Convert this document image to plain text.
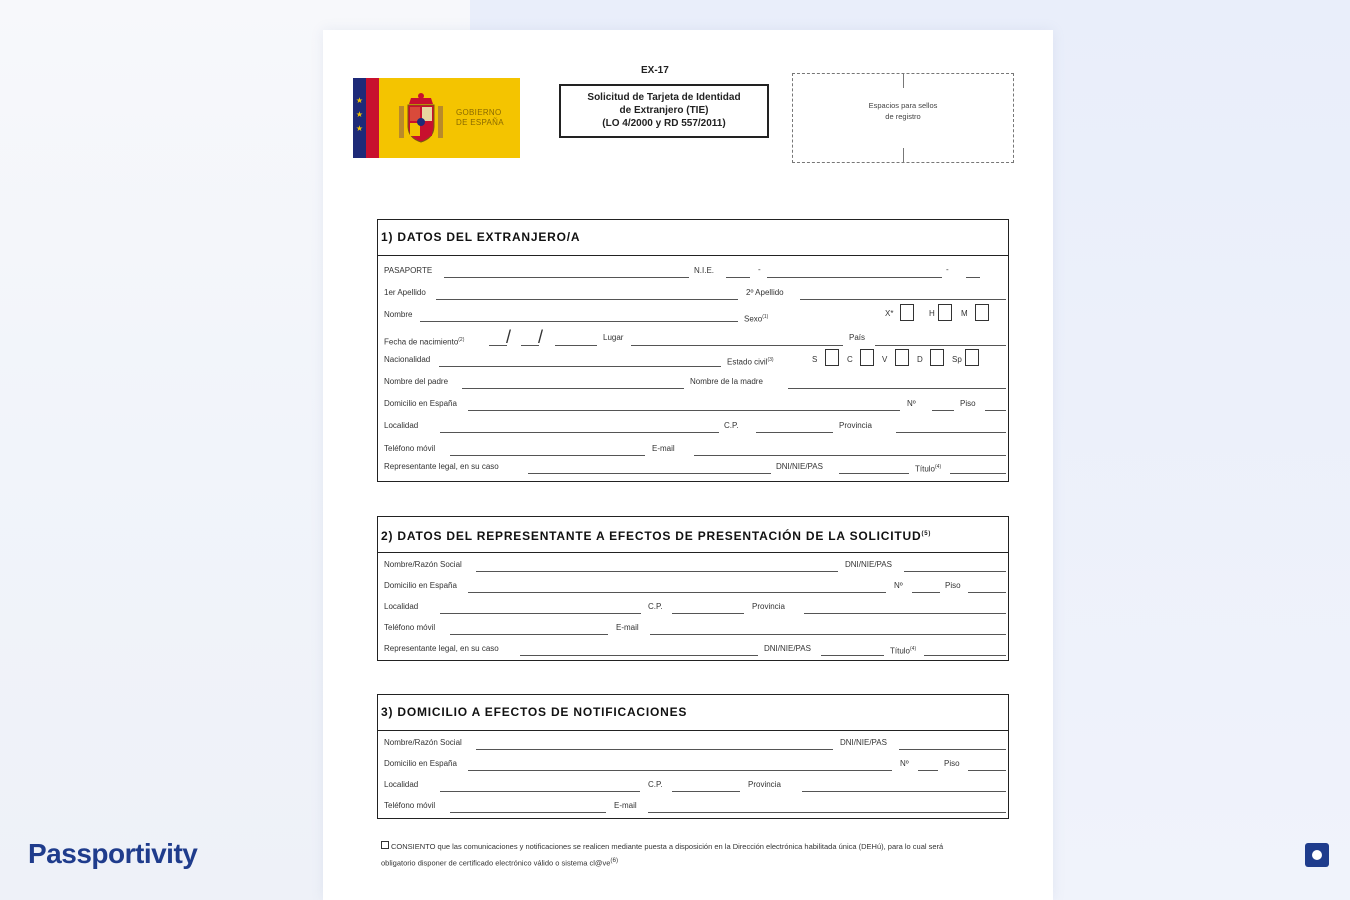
★
★
★
GOBIERNO
DE ESPAÑA
EX-17
Solicitud de Tarjeta de Identidad
de Extranjero (TIE)
(LO 4/2000 y RD 557/2011)
Espacios para sellos
de registro
1) DATOS DEL EXTRANJERO/A
PASAPORTE	N.I.E.	-	-
1er Apellido	2º Apellido
Nombre
Sexo$^{(1)}$	X*	H	M
Fecha de nacimiento$^{(2)}$ / /	Lugar	País
Nacionalidad	Estado civil$^{(3)}$	S	C	V	D	Sp
Nombre del padre	Nombre de la madre
Domicilio en España	Nº	Piso
Localidad	C.P.	Provincia
Teléfono móvil	E-mail
Representante legal, en su caso	DNI/NIE/PAS	Título$^{(4)}$
2) DATOS DEL REPRESENTANTE A EFECTOS DE PRESENTACIÓN DE LA SOLICITUD$^{(5)}$
Nombre/Razón Social	DNI/NIE/PAS
Domicilio en España	Nº	Piso
Localidad	C.P.	Provincia
Teléfono móvil	E-mail
Representante legal, en su caso	DNI/NIE/PAS	Título$^{(4)}$
3) DOMICILIO A EFECTOS DE NOTIFICACIONES
Nombre/Razón Social	DNI/NIE/PAS
Domicilio en España	Nº	Piso
Localidad	C.P.	Provincia
Teléfono móvil	E-mail
CONSIENTO que las comunicaciones y notificaciones se realicen mediante puesta a disposición en la Dirección electrónica habilitada única (DEHú), para lo cual será
obligatorio disponer de certificado electrónico válido o sistema $cl@ve^{(6)}$
Passportivity
